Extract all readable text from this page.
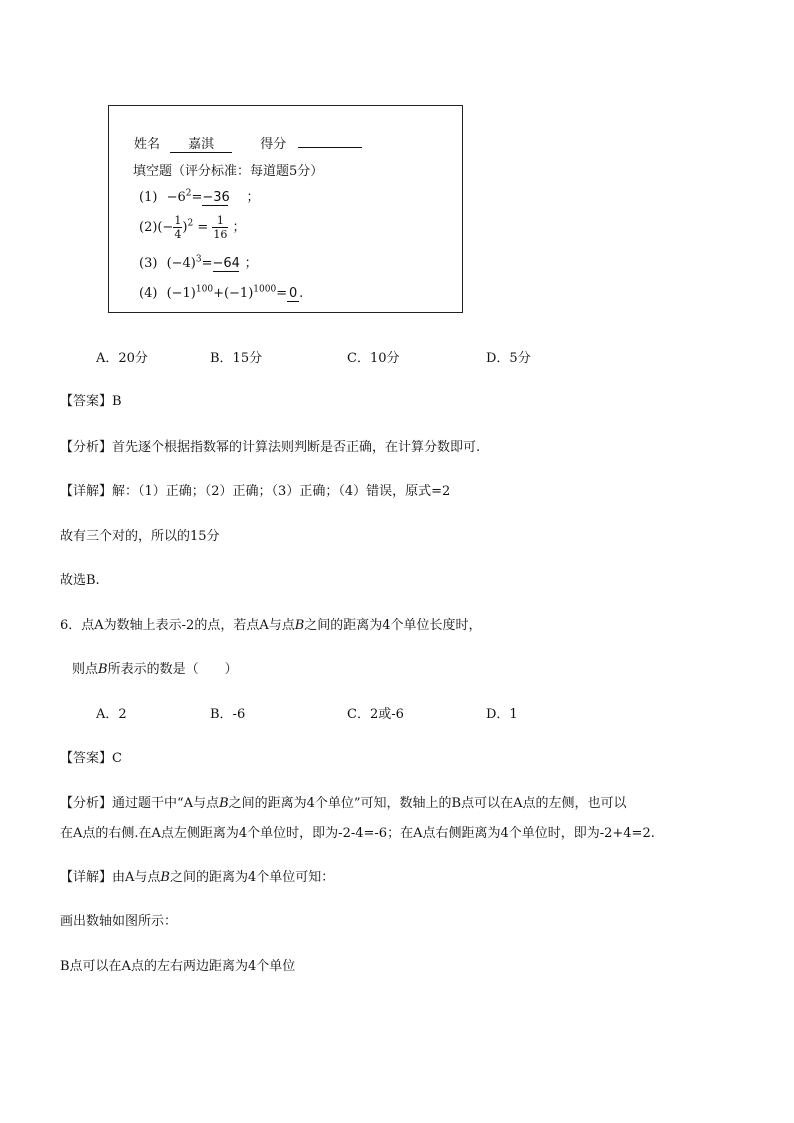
姓名 嘉淇	得分
填空题（评分标准：每道题5分）
$(1) -6^2=-36$ ；
$(2)(- \frac{1}{4} )^2 = \frac{1}{16}$ ；
(3) $(-4)^3=-64$ ；
(4) $(-1)^{100}+(-1)^{1000}= 0$ .
A．20分	B．15分	C．10分	D．5分
【答案】B
【分析】首先逐个根据指数幂的计算法则判断是否正确，在计算分数即可.
【详解】解：（1）正确；（2）正确；（3）正确；（4）错误，原式=2
故有三个对的，所以的15分
故选B.
6．点A为数轴上表示-2的点，若点A与点B之间的距离为4个单位长度时，
则点B所表示的数是（　　）
A．2	B．-6	C．2或-6	D．1
【答案】C
【分析】通过题干中“A与点B之间的距离为4个单位”可知，数轴上的B点可以在A点的左侧，也可以
在A点的右侧.在A点左侧距离为4个单位时，即为-2-4=-6；在A点右侧距离为4个单位时，即为-2+4=2.
【详解】由A与点B之间的距离为4个单位可知：
画出数轴如图所示：
B点可以在A点的左右两边距离为4个单位
